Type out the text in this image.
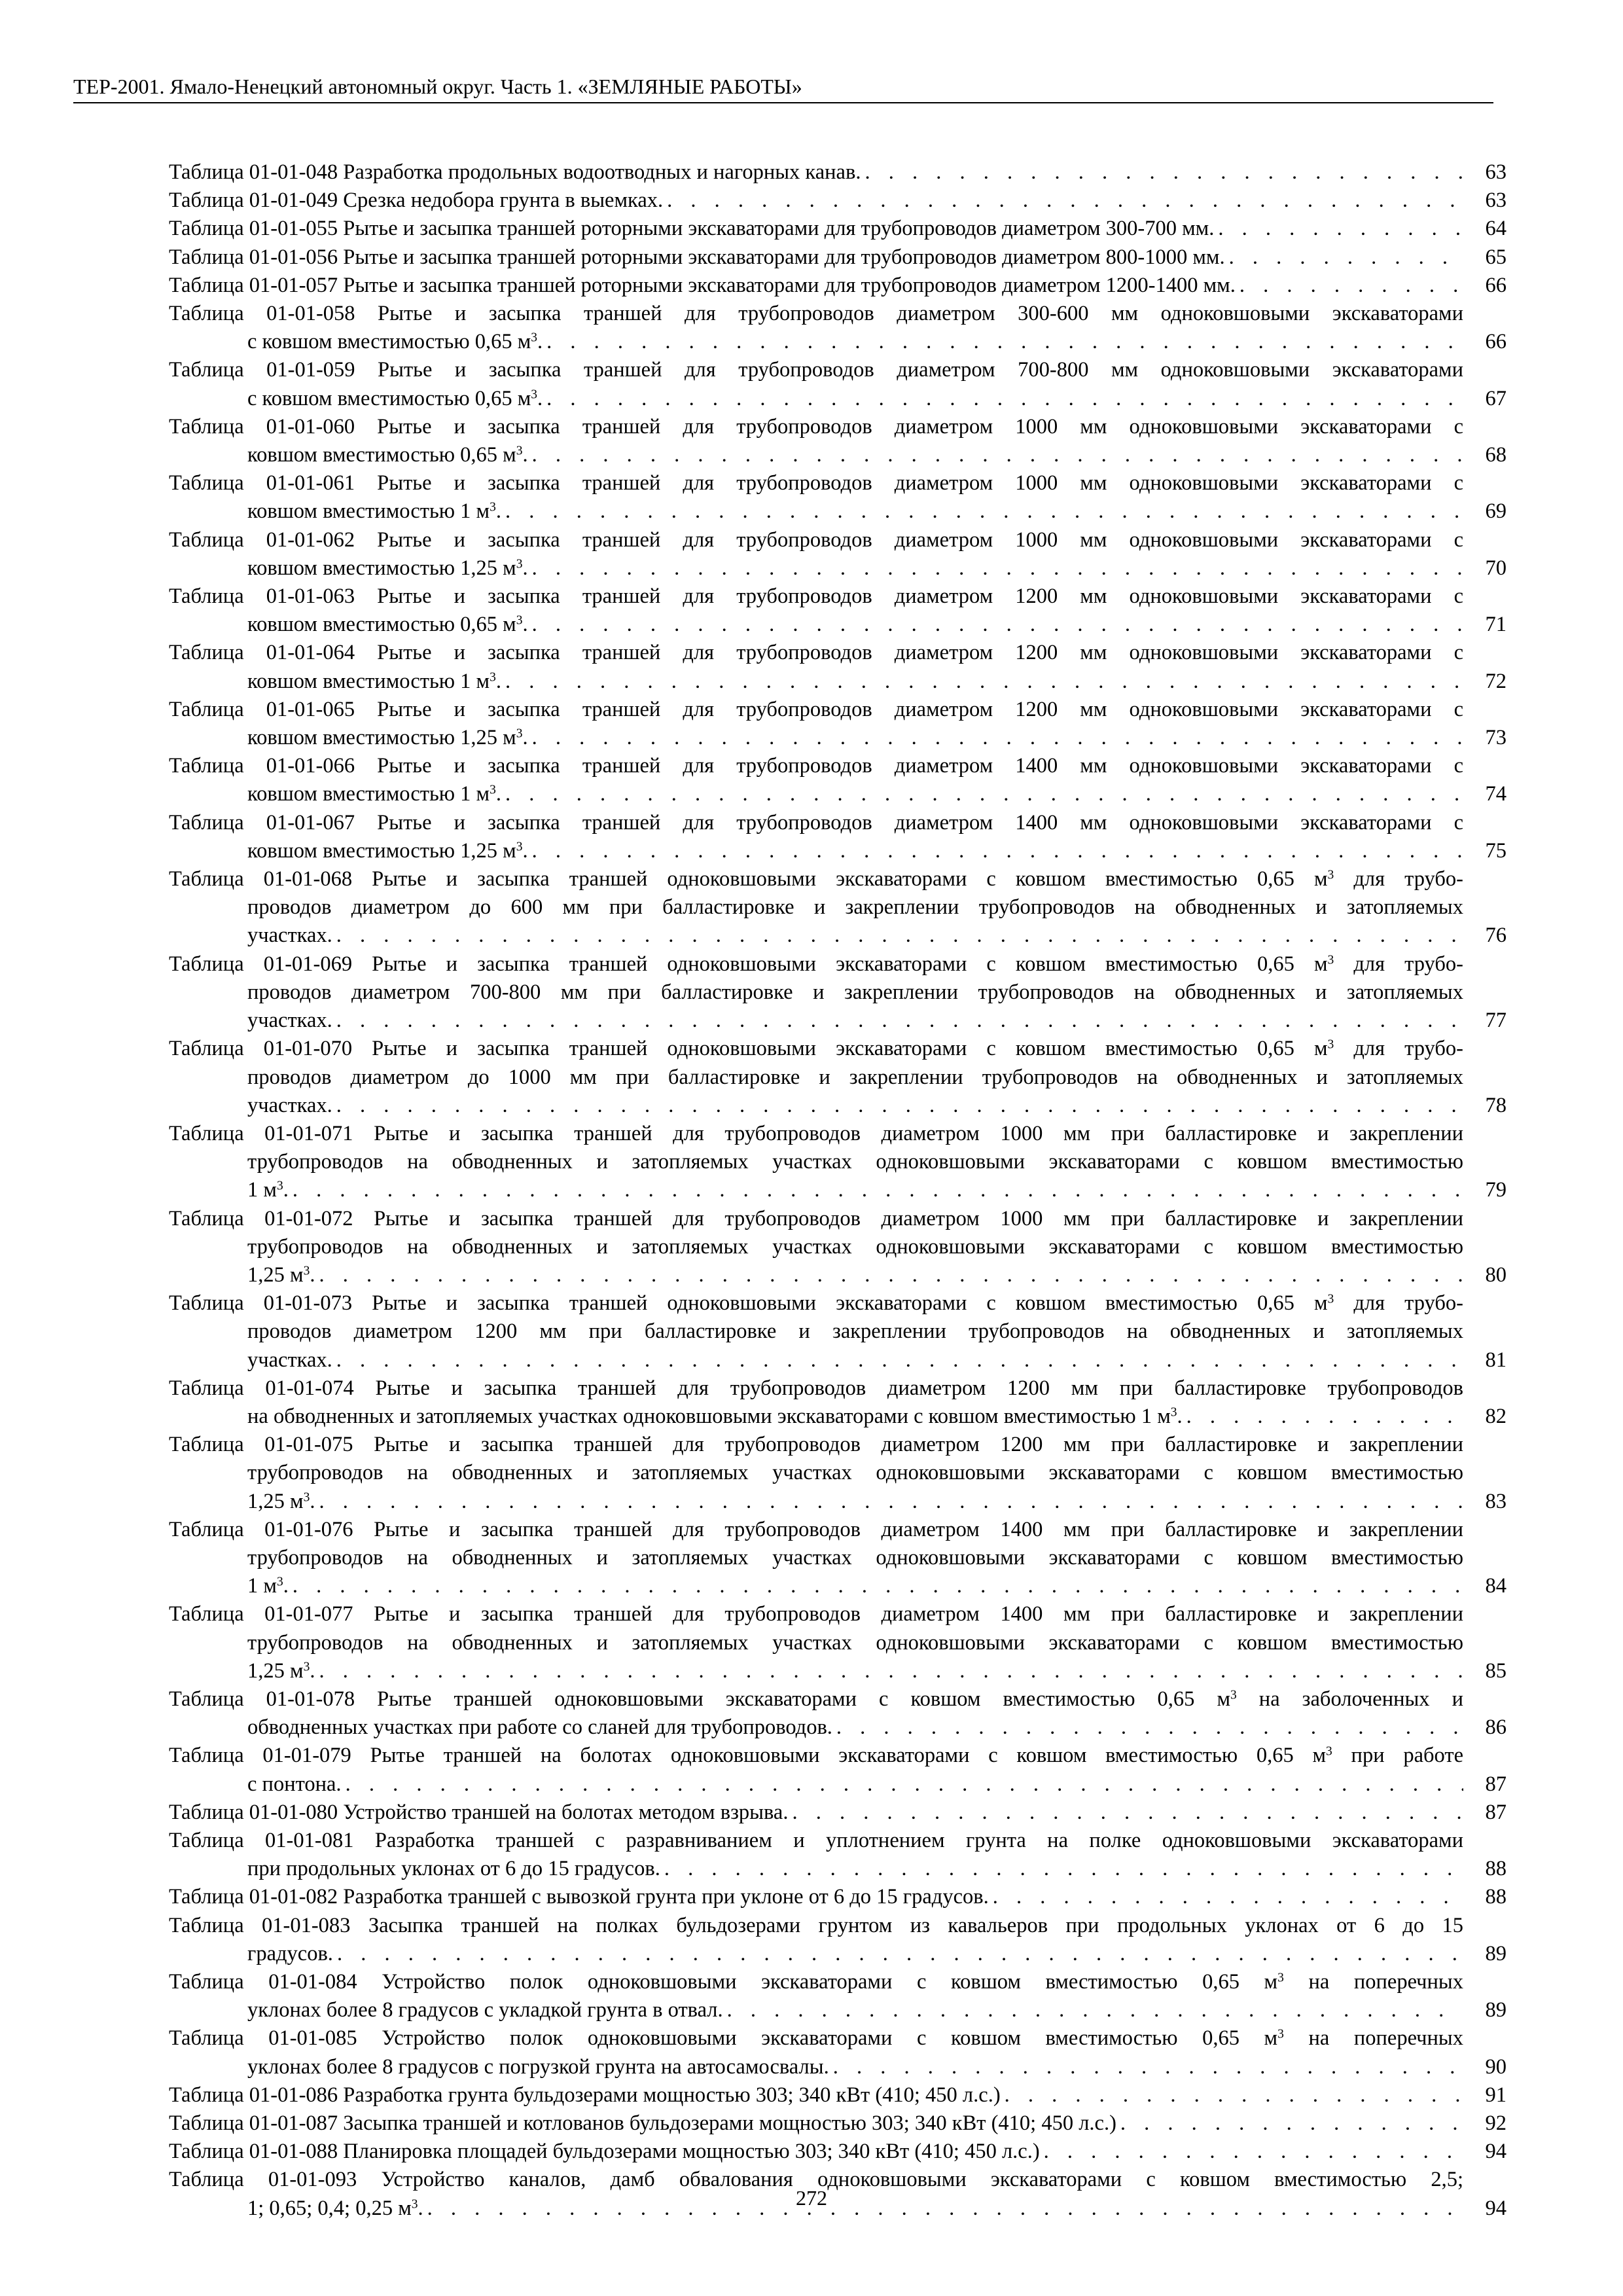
ТЕР-2001. Ямало-Ненецкий автономный округ. Часть 1. «ЗЕМЛЯНЫЕ РАБОТЫ»
Таблица 01-01-048 Разработка продольных водоотводных и нагорных канав. . . .	63
Таблица 01-01-049 Срезка недобора грунта в выемках. . . .	63
Таблица 01-01-055 Рытье и засыпка траншей роторными экскаваторами для трубопроводов диаметром 300-700 мм. . . .	64
Таблица 01-01-056 Рытье и засыпка траншей роторными экскаваторами для трубопроводов диаметром 800-1000 мм. . . .	65
Таблица 01-01-057 Рытье и засыпка траншей роторными экскаваторами для трубопроводов диаметром 1200-1400 мм. . . .	66
Таблица 01-01-058 Рытье и засыпка траншей для трубопроводов диаметром 300-600 мм одноковшовыми экскаваторами
с ковшом вместимостью 0,65 $м^3$. . . .	66
Таблица 01-01-059 Рытье и засыпка траншей для трубопроводов диаметром 700-800 мм одноковшовыми экскаваторами
с ковшом вместимостью 0,65 $м^3$. . . .	67
Таблица 01-01-060 Рытье и засыпка траншей для трубопроводов диаметром 1000 мм одноковшовыми экскаваторами с
ковшом вместимостью 0,65 $м^3$. . . .	68
Таблица 01-01-061 Рытье и засыпка траншей для трубопроводов диаметром 1000 мм одноковшовыми экскаваторами с
ковшом вместимостью 1 $м^3$. . . .	69
Таблица 01-01-062 Рытье и засыпка траншей для трубопроводов диаметром 1000 мм одноковшовыми экскаваторами с
ковшом вместимостью 1,25 $м^3$. . . .	70
Таблица 01-01-063 Рытье и засыпка траншей для трубопроводов диаметром 1200 мм одноковшовыми экскаваторами с
ковшом вместимостью 0,65 $м^3$. . . .	71
Таблица 01-01-064 Рытье и засыпка траншей для трубопроводов диаметром 1200 мм одноковшовыми экскаваторами с
ковшом вместимостью 1 $м^3$. . . .	72
Таблица 01-01-065 Рытье и засыпка траншей для трубопроводов диаметром 1200 мм одноковшовыми экскаваторами с
ковшом вместимостью 1,25 $м^3$. . . .	73
Таблица 01-01-066 Рытье и засыпка траншей для трубопроводов диаметром 1400 мм одноковшовыми экскаваторами с
ковшом вместимостью 1 $м^3$. . . .	74
Таблица 01-01-067 Рытье и засыпка траншей для трубопроводов диаметром 1400 мм одноковшовыми экскаваторами с
ковшом вместимостью 1,25 $м^3$. . . .	75
Таблица 01-01-068 Рытье и засыпка траншей одноковшовыми экскаваторами с ковшом вместимостью 0,65 $м^3$ для трубо-
проводов диаметром до 600 мм при балластировке и закреплении трубопроводов на обводненных и затопляемых
участках. . . .	76
Таблица 01-01-069 Рытье и засыпка траншей одноковшовыми экскаваторами с ковшом вместимостью 0,65 $м^3$ для трубо-
проводов диаметром 700-800 мм при балластировке и закреплении трубопроводов на обводненных и затопляемых
участках. . . .	77
Таблица 01-01-070 Рытье и засыпка траншей одноковшовыми экскаваторами с ковшом вместимостью 0,65 $м^3$ для трубо-
проводов диаметром до 1000 мм при балластировке и закреплении трубопроводов на обводненных и затопляемых
участках. . . .	78
Таблица 01-01-071 Рытье и засыпка траншей для трубопроводов диаметром 1000 мм при балластировке и закреплении
трубопроводов на обводненных и затопляемых участках одноковшовыми экскаваторами с ковшом вместимостью
1 $м^3$. . . .	79
Таблица 01-01-072 Рытье и засыпка траншей для трубопроводов диаметром 1000 мм при балластировке и закреплении
трубопроводов на обводненных и затопляемых участках одноковшовыми экскаваторами с ковшом вместимостью
1,25 $м^3$. . . .	80
Таблица 01-01-073 Рытье и засыпка траншей одноковшовыми экскаваторами с ковшом вместимостью 0,65 $м^3$ для трубо-
проводов диаметром 1200 мм при балластировке и закреплении трубопроводов на обводненных и затопляемых
участках. . . .	81
Таблица 01-01-074 Рытье и засыпка траншей для трубопроводов диаметром 1200 мм при балластировке трубопроводов
на обводненных и затопляемых участках одноковшовыми экскаваторами с ковшом вместимостью 1 $м^3$. . . .	82
Таблица 01-01-075 Рытье и засыпка траншей для трубопроводов диаметром 1200 мм при балластировке и закреплении
трубопроводов на обводненных и затопляемых участках одноковшовыми экскаваторами с ковшом вместимостью
1,25 $м^3$. . . .	83
Таблица 01-01-076 Рытье и засыпка траншей для трубопроводов диаметром 1400 мм при балластировке и закреплении
трубопроводов на обводненных и затопляемых участках одноковшовыми экскаваторами с ковшом вместимостью
1 $м^3$. . . .	84
Таблица 01-01-077 Рытье и засыпка траншей для трубопроводов диаметром 1400 мм при балластировке и закреплении
трубопроводов на обводненных и затопляемых участках одноковшовыми экскаваторами с ковшом вместимостью
1,25 $м^3$. . . .	85
Таблица 01-01-078 Рытье траншей одноковшовыми экскаваторами с ковшом вместимостью 0,65 $м^3$ на заболоченных и
обводненных участках при работе со сланей для трубопроводов. . . .	86
Таблица 01-01-079 Рытье траншей на болотах одноковшовыми экскаваторами с ковшом вместимостью 0,65 $м^3$ при работе
с понтона. . . .	87
Таблица 01-01-080 Устройство траншей на болотах методом взрыва. . . .	87
Таблица 01-01-081 Разработка траншей с разравниванием и уплотнением грунта на полке одноковшовыми экскаваторами
при продольных уклонах от 6 до 15 градусов. . . .	88
Таблица 01-01-082 Разработка траншей с вывозкой грунта при уклоне от 6 до 15 градусов. . . .	88
Таблица 01-01-083 Засыпка траншей на полках бульдозерами грунтом из кавальеров при продольных уклонах от 6 до 15
градусов. . . .	89
Таблица 01-01-084 Устройство полок одноковшовыми экскаваторами с ковшом вместимостью 0,65 $м^3$ на поперечных
уклонах более 8 градусов с укладкой грунта в отвал. . . .	89
Таблица 01-01-085 Устройство полок одноковшовыми экскаваторами с ковшом вместимостью 0,65 $м^3$ на поперечных
уклонах более 8 градусов с погрузкой грунта на автосамосвалы. . . .	90
Таблица 01-01-086 Разработка грунта бульдозерами мощностью 303; 340 кВт (410; 450 л.с.) . . .	91
Таблица 01-01-087 Засыпка траншей и котлованов бульдозерами мощностью 303; 340 кВт (410; 450 л.с.) . . .	92
Таблица 01-01-088 Планировка площадей бульдозерами мощностью 303; 340 кВт (410; 450 л.с.) . . .	94
Таблица 01-01-093 Устройство каналов, дамб обвалования одноковшовыми экскаваторами с ковшом вместимостью 2,5;
1; 0,65; 0,4; 0,25 $м^3$. . . .	94
272
